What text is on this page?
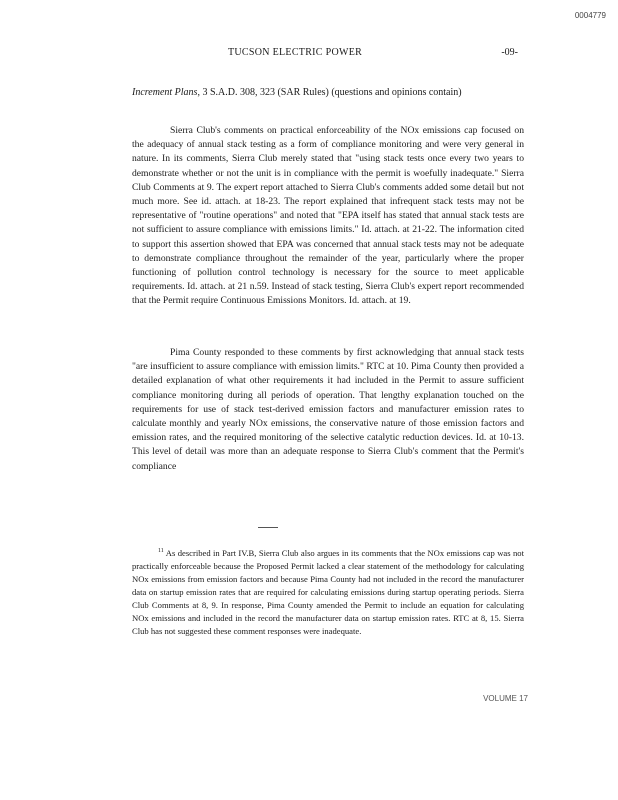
0004779
TUCSON ELECTRIC POWER	-09-
Increment Plans, 3 S.A.D. 308, 323 (SAR Rules) (questions and opinions contain)

Sierra Club's comments on practical enforceability of the NOx emissions cap focused on the adequacy of annual stack testing as a form of compliance monitoring and were very general in nature. In its comments, Sierra Club merely stated that "using stack tests once every two years to demonstrate whether or not the unit is in compliance with the permit is woefully inadequate." Sierra Club Comments at 9. The expert report attached to Sierra Club's comments added some detail but not much more. See id. attach. at 18-23. The report explained that infrequent stack tests may not be representative of "routine operations" and noted that "EPA itself has stated that annual stack tests are not sufficient to assure compliance with emissions limits." Id. attach. at 21-22. The information cited to support this assertion showed that EPA was concerned that annual stack tests may not be adequate to demonstrate compliance throughout the remainder of the year, particularly where the proper functioning of pollution control technology is necessary for the source to meet applicable requirements. Id. attach. at 21 n.59. Instead of stack testing, Sierra Club's expert report recommended that the Permit require Continuous Emissions Monitors. Id. attach. at 19.

Pima County responded to these comments by first acknowledging that annual stack tests "are insufficient to assure compliance with emission limits." RTC at 10. Pima County then provided a detailed explanation of what other requirements it had included in the Permit to assure sufficient compliance monitoring during all periods of operation. That lengthy explanation touched on the requirements for use of stack test-derived emission factors and manufacturer emission rates to calculate monthly and yearly NOx emissions, the conservative nature of those emission factors and emission rates, and the required monitoring of the selective catalytic reduction devices. Id. at 10-13. This level of detail was more than an adequate response to Sierra Club's comment that the Permit's compliance

$^{11}$ As described in Part IV.B, Sierra Club also argues in its comments that the NOx emissions cap was not practically enforceable because the Proposed Permit lacked a clear statement of the methodology for calculating NOx emissions from emission factors and because Pima County had not included in the record the manufacturer data on startup emission rates that are required for calculating emissions during startup operating periods. Sierra Club Comments at 8, 9. In response, Pima County amended the Permit to include an equation for calculating NOx emissions and included in the record the manufacturer data on startup emission rates. RTC at 8, 15. Sierra Club has not suggested these comment responses were inadequate.

VOLUME 17
